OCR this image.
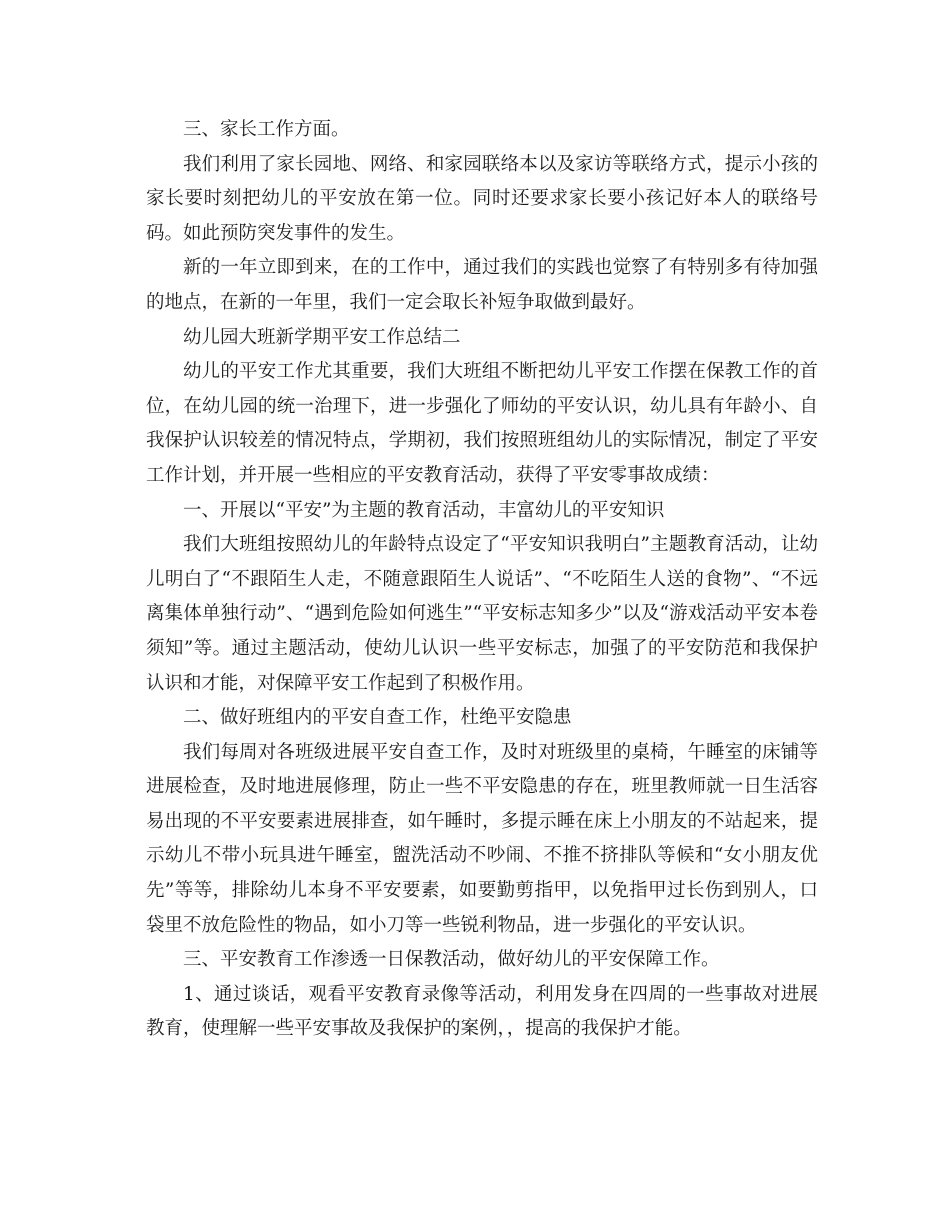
三、家长工作方面。

我们利用了家长园地、网络、和家园联络本以及家访等联络方式，提示小孩的家长要时刻把幼儿的平安放在第一位。同时还要求家长要小孩记好本人的联络号码。如此预防突发事件的发生。

新的一年立即到来，在的工作中，通过我们的实践也觉察了有特别多有待加强的地点，在新的一年里，我们一定会取长补短争取做到最好。

幼儿园大班新学期平安工作总结二

幼儿的平安工作尤其重要，我们大班组不断把幼儿平安工作摆在保教工作的首位，在幼儿园的统一治理下，进一步强化了师幼的平安认识，幼儿具有年龄小、自我保护认识较差的情况特点，学期初，我们按照班组幼儿的实际情况，制定了平安工作计划，并开展一些相应的平安教育活动，获得了平安零事故成绩：

一、开展以“平安”为主题的教育活动，丰富幼儿的平安知识

我们大班组按照幼儿的年龄特点设定了“平安知识我明白”主题教育活动，让幼儿明白了“不跟陌生人走，不随意跟陌生人说话”、“不吃陌生人送的食物”、“不远离集体单独行动”、“遇到危险如何逃生”“平安标志知多少”以及“游戏活动平安本卷须知”等。通过主题活动，使幼儿认识一些平安标志，加强了的平安防范和我保护认识和才能，对保障平安工作起到了积极作用。

二、做好班组内的平安自查工作，杜绝平安隐患

我们每周对各班级进展平安自查工作，及时对班级里的桌椅，午睡室的床铺等进展检查，及时地进展修理，防止一些不平安隐患的存在，班里教师就一日生活容易出现的不平安要素进展排查，如午睡时，多提示睡在床上小朋友的不站起来，提示幼儿不带小玩具进午睡室，盥洗活动不吵闹、不推不挤排队等候和“女小朋友优先”等等，排除幼儿本身不平安要素，如要勤剪指甲，以免指甲过长伤到别人，口袋里不放危险性的物品，如小刀等一些锐利物品，进一步强化的平安认识。

三、平安教育工作渗透一日保教活动，做好幼儿的平安保障工作。

1、通过谈话，观看平安教育录像等活动，利用发身在四周的一些事故对进展教育，使理解一些平安事故及我保护的案例，，提高的我保护才能。
